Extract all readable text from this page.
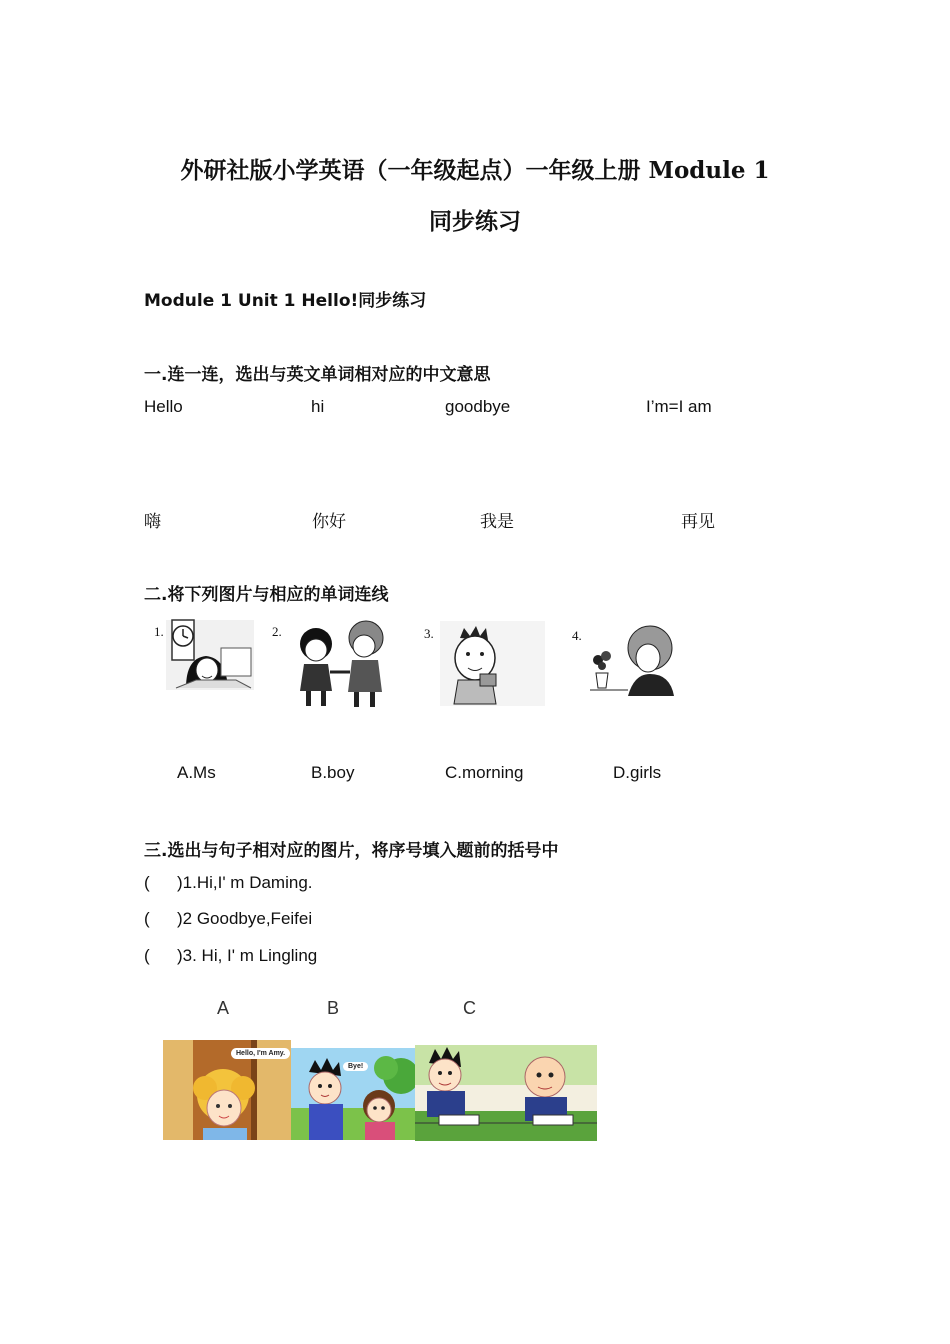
外研社版小学英语（一年级起点）一年级上册 Module 1
同步练习
Module 1 Unit 1 Hello!同步练习
一.连一连，选出与英文单词相对应的中文意思
Hello	hi	goodbye	I’m=I am
嗨	你好	我是	再见
二.将下列图片与相应的单词连线
1.	2.	3.	4.
A.Ms	B.boy	C.morning	D.girls
三.选出与句子相对应的图片，将序号填入题前的括号中
( )1.Hi,I' m Daming.
( )2 Goodbye,Feifei
( )3. Hi, I' m Lingling
A	B	C
Hello, I'm Amy.
Bye!
